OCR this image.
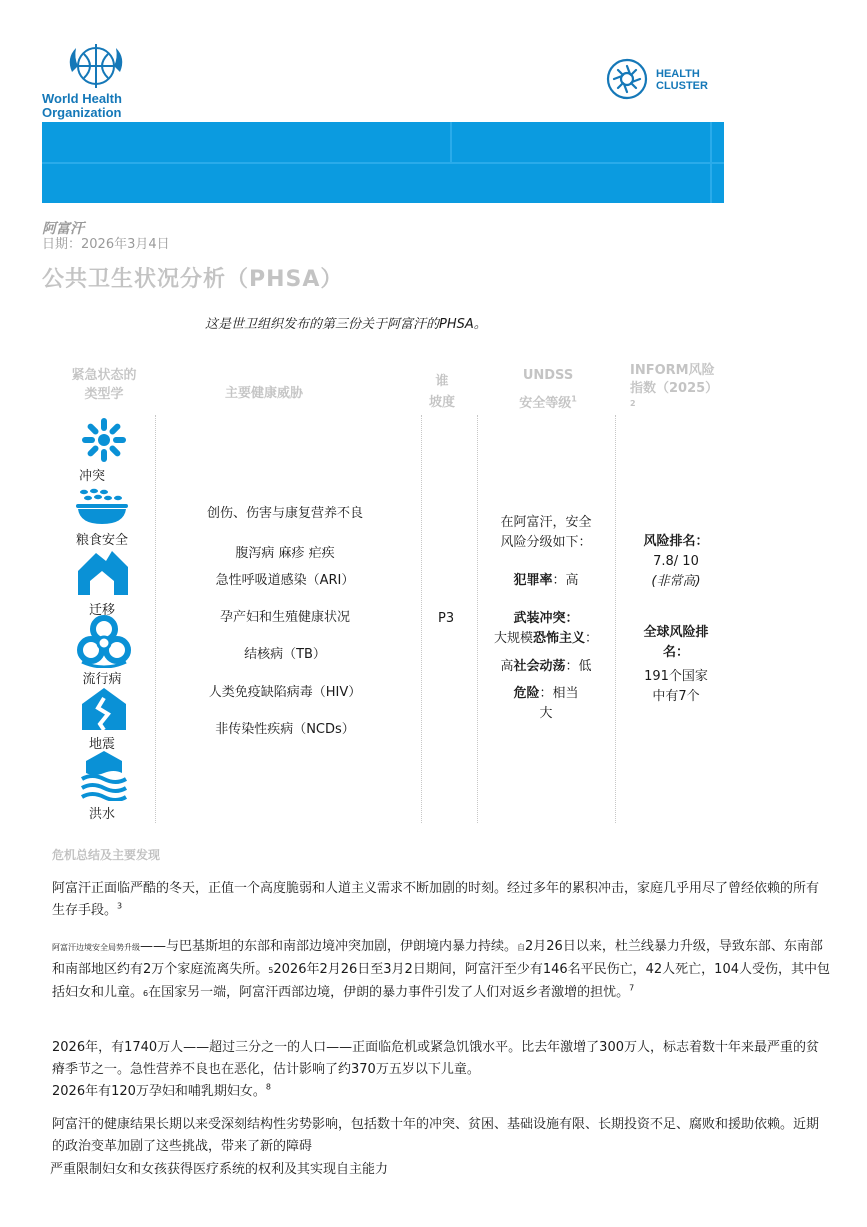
World Health
Organization
HEALTH
CLUSTER
阿富汗
日期：2026年3月4日
公共卫生状况分析（PHSA）
这是世卫组织发布的第三份关于阿富汗的PHSA。
紧急状态的
类型学	主要健康威胁
谁
坡度
UNDSS
安全等级$^1$
INFORM风险
指数（2025）
2
冲突
粮食安全
迁移
流行病
地震
洪水
创伤、伤害与康复营养不良
腹泻病 麻疹 疟疾
急性呼吸道感染（ARI）
孕产妇和生殖健康状况
结核病（TB）
人类免疫缺陷病毒（HIV）
非传染性疾病（NCDs）
P3
在阿富汗，安全
风险分级如下：
犯罪率：高
武装冲突：
大规模恐怖主义：
高社会动荡：低
危险：相当
大
风险排名：
7.8/ 10
(非常高)
全球风险排
名：
191个国家
中有7个
危机总结及主要发现
阿富汗正面临严酷的冬天，正值一个高度脆弱和人道主义需求不断加剧的时刻。经过多年的累积冲击，家庭几乎用尽了曾经依赖的所有生存手段。$^3$
阿富汗边境安全局势升级——与巴基斯坦的东部和南部边境冲突加剧，伊朗境内暴力持续。自2月26日以来，杜兰线暴力升级，导致东部、东南部和南部地区约有2万个家庭流离失所。52026年2月26日至3月2日期间，阿富汗至少有146名平民伤亡，42人死亡，104人受伤，其中包括妇女和儿童。6在国家另一端，阿富汗西部边境，伊朗的暴力事件引发了人们对返乡者激增的担忧。$^7$
2026年，有1740万人——超过三分之一的人口——正面临危机或紧急饥饿水平。比去年激增了300万人，标志着数十年来最严重的贫瘠季节之一。急性营养不良也在恶化，估计影响了约370万五岁以下儿童。
2026年有120万孕妇和哺乳期妇女。$^8$
阿富汗的健康结果长期以来受深刻结构性劣势影响，包括数十年的冲突、贫困、基础设施有限、长期投资不足、腐败和援助依赖。近期的政治变革加剧了这些挑战，带来了新的障碍
严重限制妇女和女孩获得医疗系统的权利及其实现自主能力
